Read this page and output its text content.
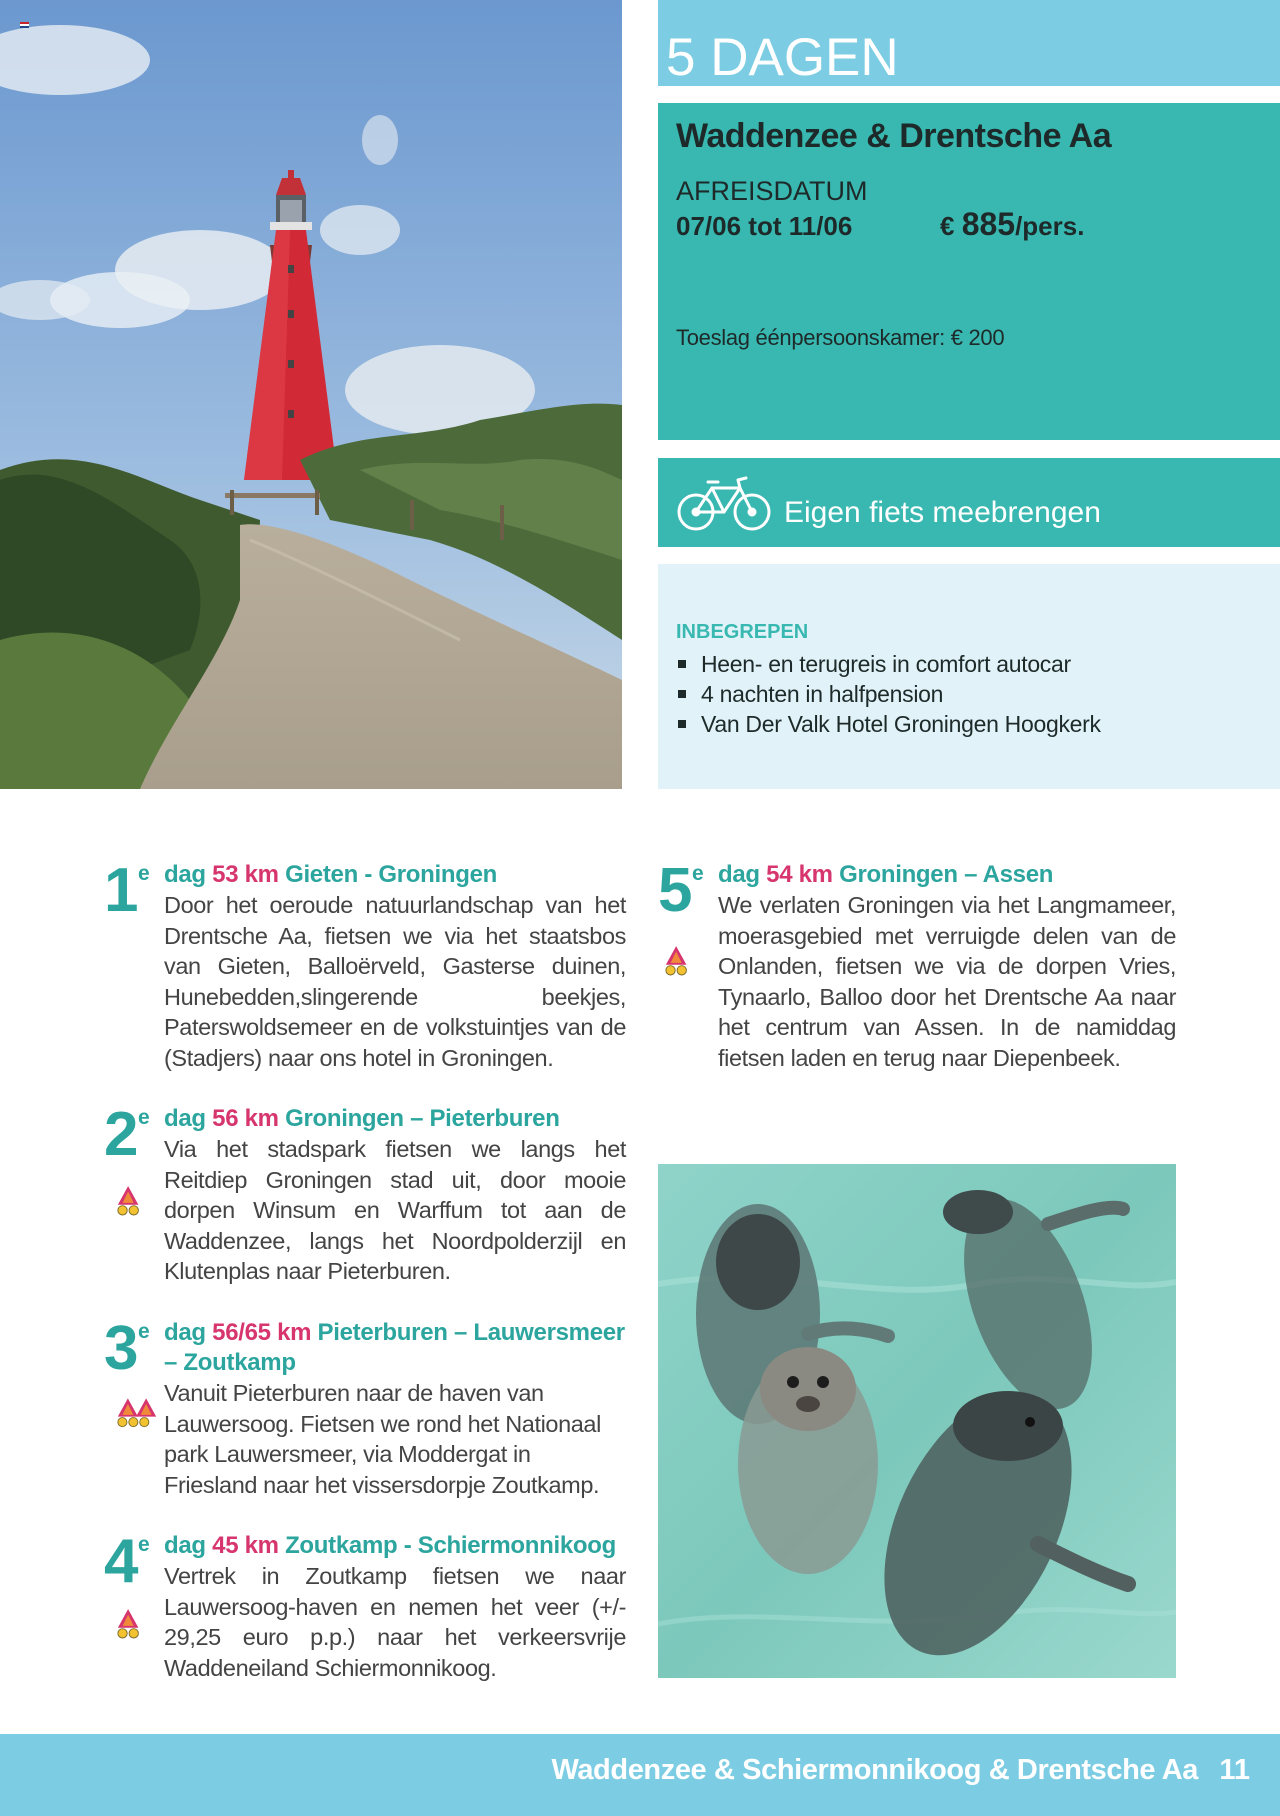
5 DAGEN
Waddenzee & Drentsche Aa
AFREISDATUM
07/06 tot 11/06	€ 885/pers.
Toeslag éénpersoonskamer: € 200
Eigen fiets meebrengen
INBEGREPEN
Heen- en terugreis in comfort autocar
4 nachten in halfpension
Van Der Valk Hotel Groningen Hoogkerk
1 e dag 53 km Gieten - Groningen
Door het oeroude natuurlandschap van het Drentsche Aa, fietsen we via het staatsbos van Gieten, Balloërveld, Gasterse duinen, Hunebedden,slingerende beekjes, Paterswoldsemeer en de volkstuintjes van de (Stadjers) naar ons hotel in Groningen.
2 e dag 56 km Groningen – Pieterburen
Via het stadspark fietsen we langs het Reitdiep Groningen stad uit, door mooie dorpen Winsum en Warffum tot aan de Waddenzee, langs het Noordpolderzijl en Klutenplas naar Pieterburen.
3 e dag 56/65 km Pieterburen – Lauwersmeer – Zoutkamp
Vanuit Pieterburen naar de haven van Lauwersoog. Fietsen we rond het Nationaal park Lauwersmeer, via Moddergat in Friesland naar het vissersdorpje Zoutkamp.
4 e dag 45 km Zoutkamp - Schiermonnikoog
Vertrek in Zoutkamp fietsen we naar Lauwersoog-haven en nemen het veer (+/- 29,25 euro p.p.) naar het verkeersvrije Waddeneiland Schiermonnikoog.
5 e dag 54 km Groningen – Assen
We verlaten Groningen via het Langmameer, moerasgebied met verruigde delen van de Onlanden, fietsen we via de dorpen Vries, Tynaarlo, Balloo door het Drentsche Aa naar het centrum van Assen. In de namiddag fietsen laden en terug naar Diepenbeek.
Waddenzee & Schiermonnikoog & Drentsche Aa 11
